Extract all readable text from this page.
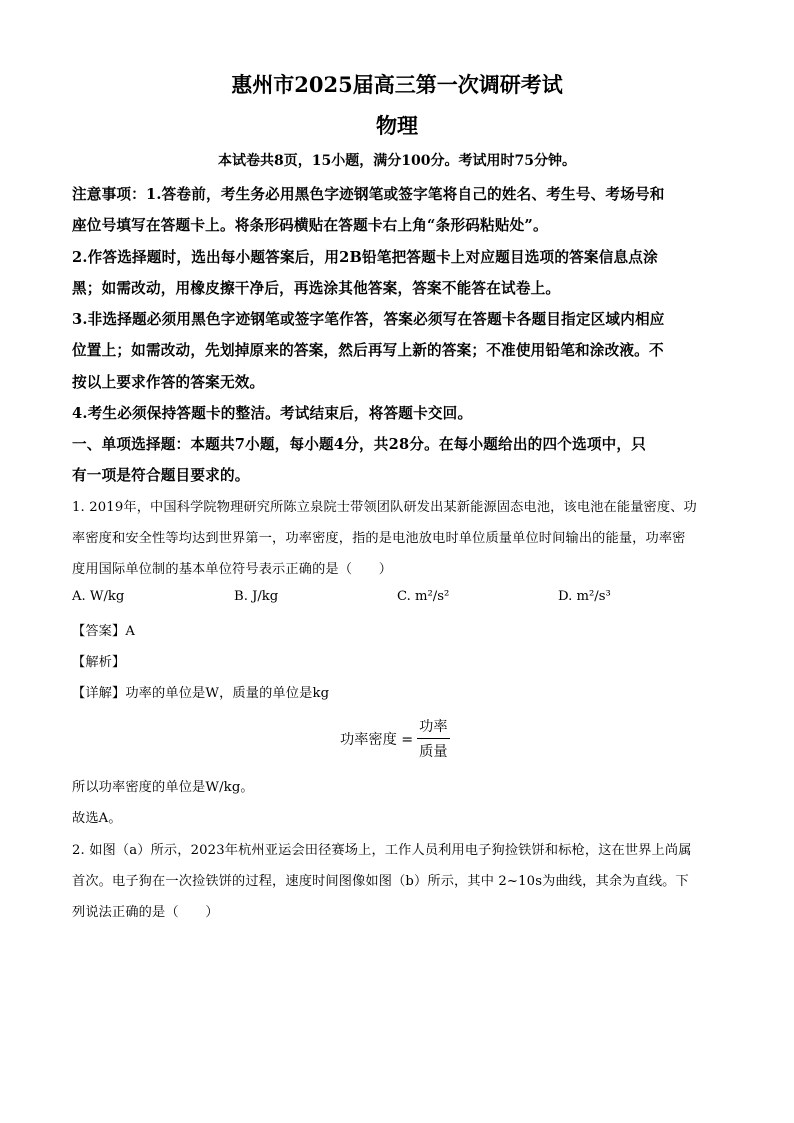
惠州市2025届高三第一次调研考试
物理
本试卷共8页，15小题，满分100分。考试用时75分钟。
注意事项：1.答卷前，考生务必用黑色字迹钢笔或签字笔将自己的姓名、考生号、考场号和
座位号填写在答题卡上。将条形码横贴在答题卡右上角“条形码粘贴处”。
2.作答选择题时，选出每小题答案后，用2B铅笔把答题卡上对应题目选项的答案信息点涂
黑；如需改动，用橡皮擦干净后，再选涂其他答案，答案不能答在试卷上。
3.非选择题必须用黑色字迹钢笔或签字笔作答，答案必须写在答题卡各题目指定区域内相应
位置上；如需改动，先划掉原来的答案，然后再写上新的答案；不准使用铅笔和涂改液。不
按以上要求作答的答案无效。
4.考生必须保持答题卡的整洁。考试结束后，将答题卡交回。
一、单项选择题：本题共7小题，每小题4分，共28分。在每小题给出的四个选项中，只
有一项是符合题目要求的。
1. 2019年，中国科学院物理研究所陈立泉院士带领团队研发出某新能源固态电池，该电池在能量密度、功
率密度和安全性等均达到世界第一，功率密度，指的是电池放电时单位质量单位时间输出的能量，功率密
度用国际单位制的基本单位符号表示正确的是（　　）
A. W/kg	B. J/kg	C. m²/s²	D. m²/s³
【答案】A
【解析】
【详解】功率的单位是W，质量的单位是kg
功率密度 = $\frac{\text{功率}}{\text{质量}}$
所以功率密度的单位是W/kg。
故选A。
2. 如图（a）所示，2023年杭州亚运会田径赛场上，工作人员利用电子狗捡铁饼和标枪，这在世界上尚属
首次。电子狗在一次捡铁饼的过程，速度时间图像如图（b）所示，其中 2~10s为曲线，其余为直线。下
列说法正确的是（　　）
